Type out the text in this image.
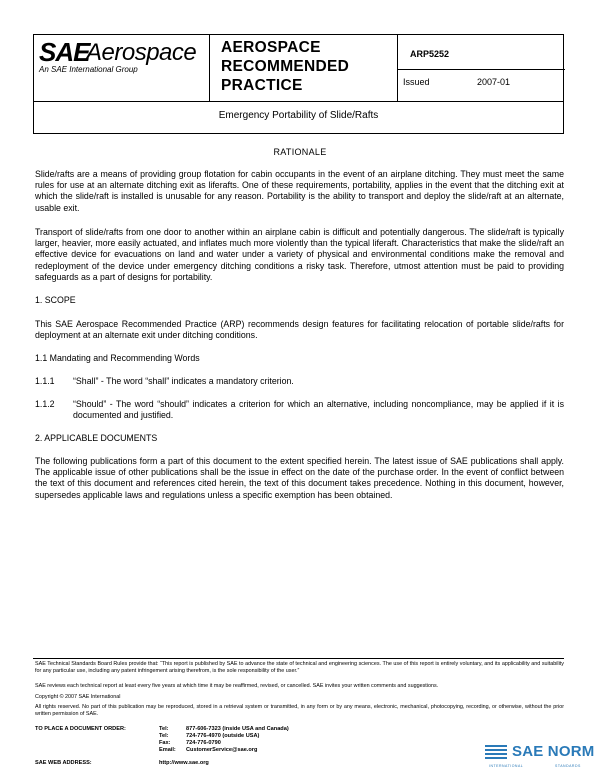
SAE
Aerospace
An SAE International Group
AEROSPACE
RECOMMENDED
PRACTICE
ARP5252
Issued	2007-01
Emergency Portability of Slide/Rafts
RATIONALE
Slide/rafts are a means of providing group flotation for cabin occupants in the event of an airplane ditching. They must meet the same rules for use at an alternate ditching exit as liferafts. One of these requirements, portability, applies in the event that the ditching exit at which the slide/raft is installed is unusable for any reason. Portability is the ability to transport and deploy the slide/raft at an alternate, usable exit.
Transport of slide/rafts from one door to another within an airplane cabin is difficult and potentially dangerous. The slide/raft is typically larger, heavier, more easily actuated, and inflates much more violently than the typical liferaft. Characteristics that make the slide/raft an effective device for evacuations on land and water under a variety of physical and environmental conditions make the removal and redeployment of the device under emergency ditching conditions a risky task. Therefore, utmost attention must be paid to providing safeguards as a part of designs for portability.
1. SCOPE
This SAE Aerospace Recommended Practice (ARP) recommends design features for facilitating relocation of portable slide/rafts for deployment at an alternate exit under ditching conditions.
1.1 Mandating and Recommending Words
1.1.1 “Shall” - The word “shall” indicates a mandatory criterion.
1.1.2 “Should” - The word “should” indicates a criterion for which an alternative, including noncompliance, may be applied if it is documented and justified.
2. APPLICABLE DOCUMENTS
The following publications form a part of this document to the extent specified herein. The latest issue of SAE publications shall apply. The applicable issue of other publications shall be the issue in effect on the date of the purchase order. In the event of conflict between the text of this document and references cited herein, the text of this document takes precedence. Nothing in this document, however, supersedes applicable laws and regulations unless a specific exemption has been obtained.
SAE Technical Standards Board Rules provide that: “This report is published by SAE to advance the state of technical and engineering sciences. The use of this report is entirely voluntary, and its applicability and suitability for any particular use, including any patent infringement arising therefrom, is the sole responsibility of the user.”
SAE reviews each technical report at least every five years at which time it may be reaffirmed, revised, or cancelled. SAE invites your written comments and suggestions.
Copyright © 2007 SAE International
All rights reserved. No part of this publication may be reproduced, stored in a retrieval system or transmitted, in any form or by any means, electronic, mechanical, photocopying, recording, or otherwise, without the prior written permission of SAE.
TO PLACE A DOCUMENT ORDER:	Tel:	877-606-7323 (inside USA and Canada)
Tel:	724-776-4970 (outside USA)
Fax:	724-776-0790
Email: CustomerService@sae.org
SAE WEB ADDRESS:	http://www.sae.org
SAE NORM
INTERNATIONAL	STANDARDS
